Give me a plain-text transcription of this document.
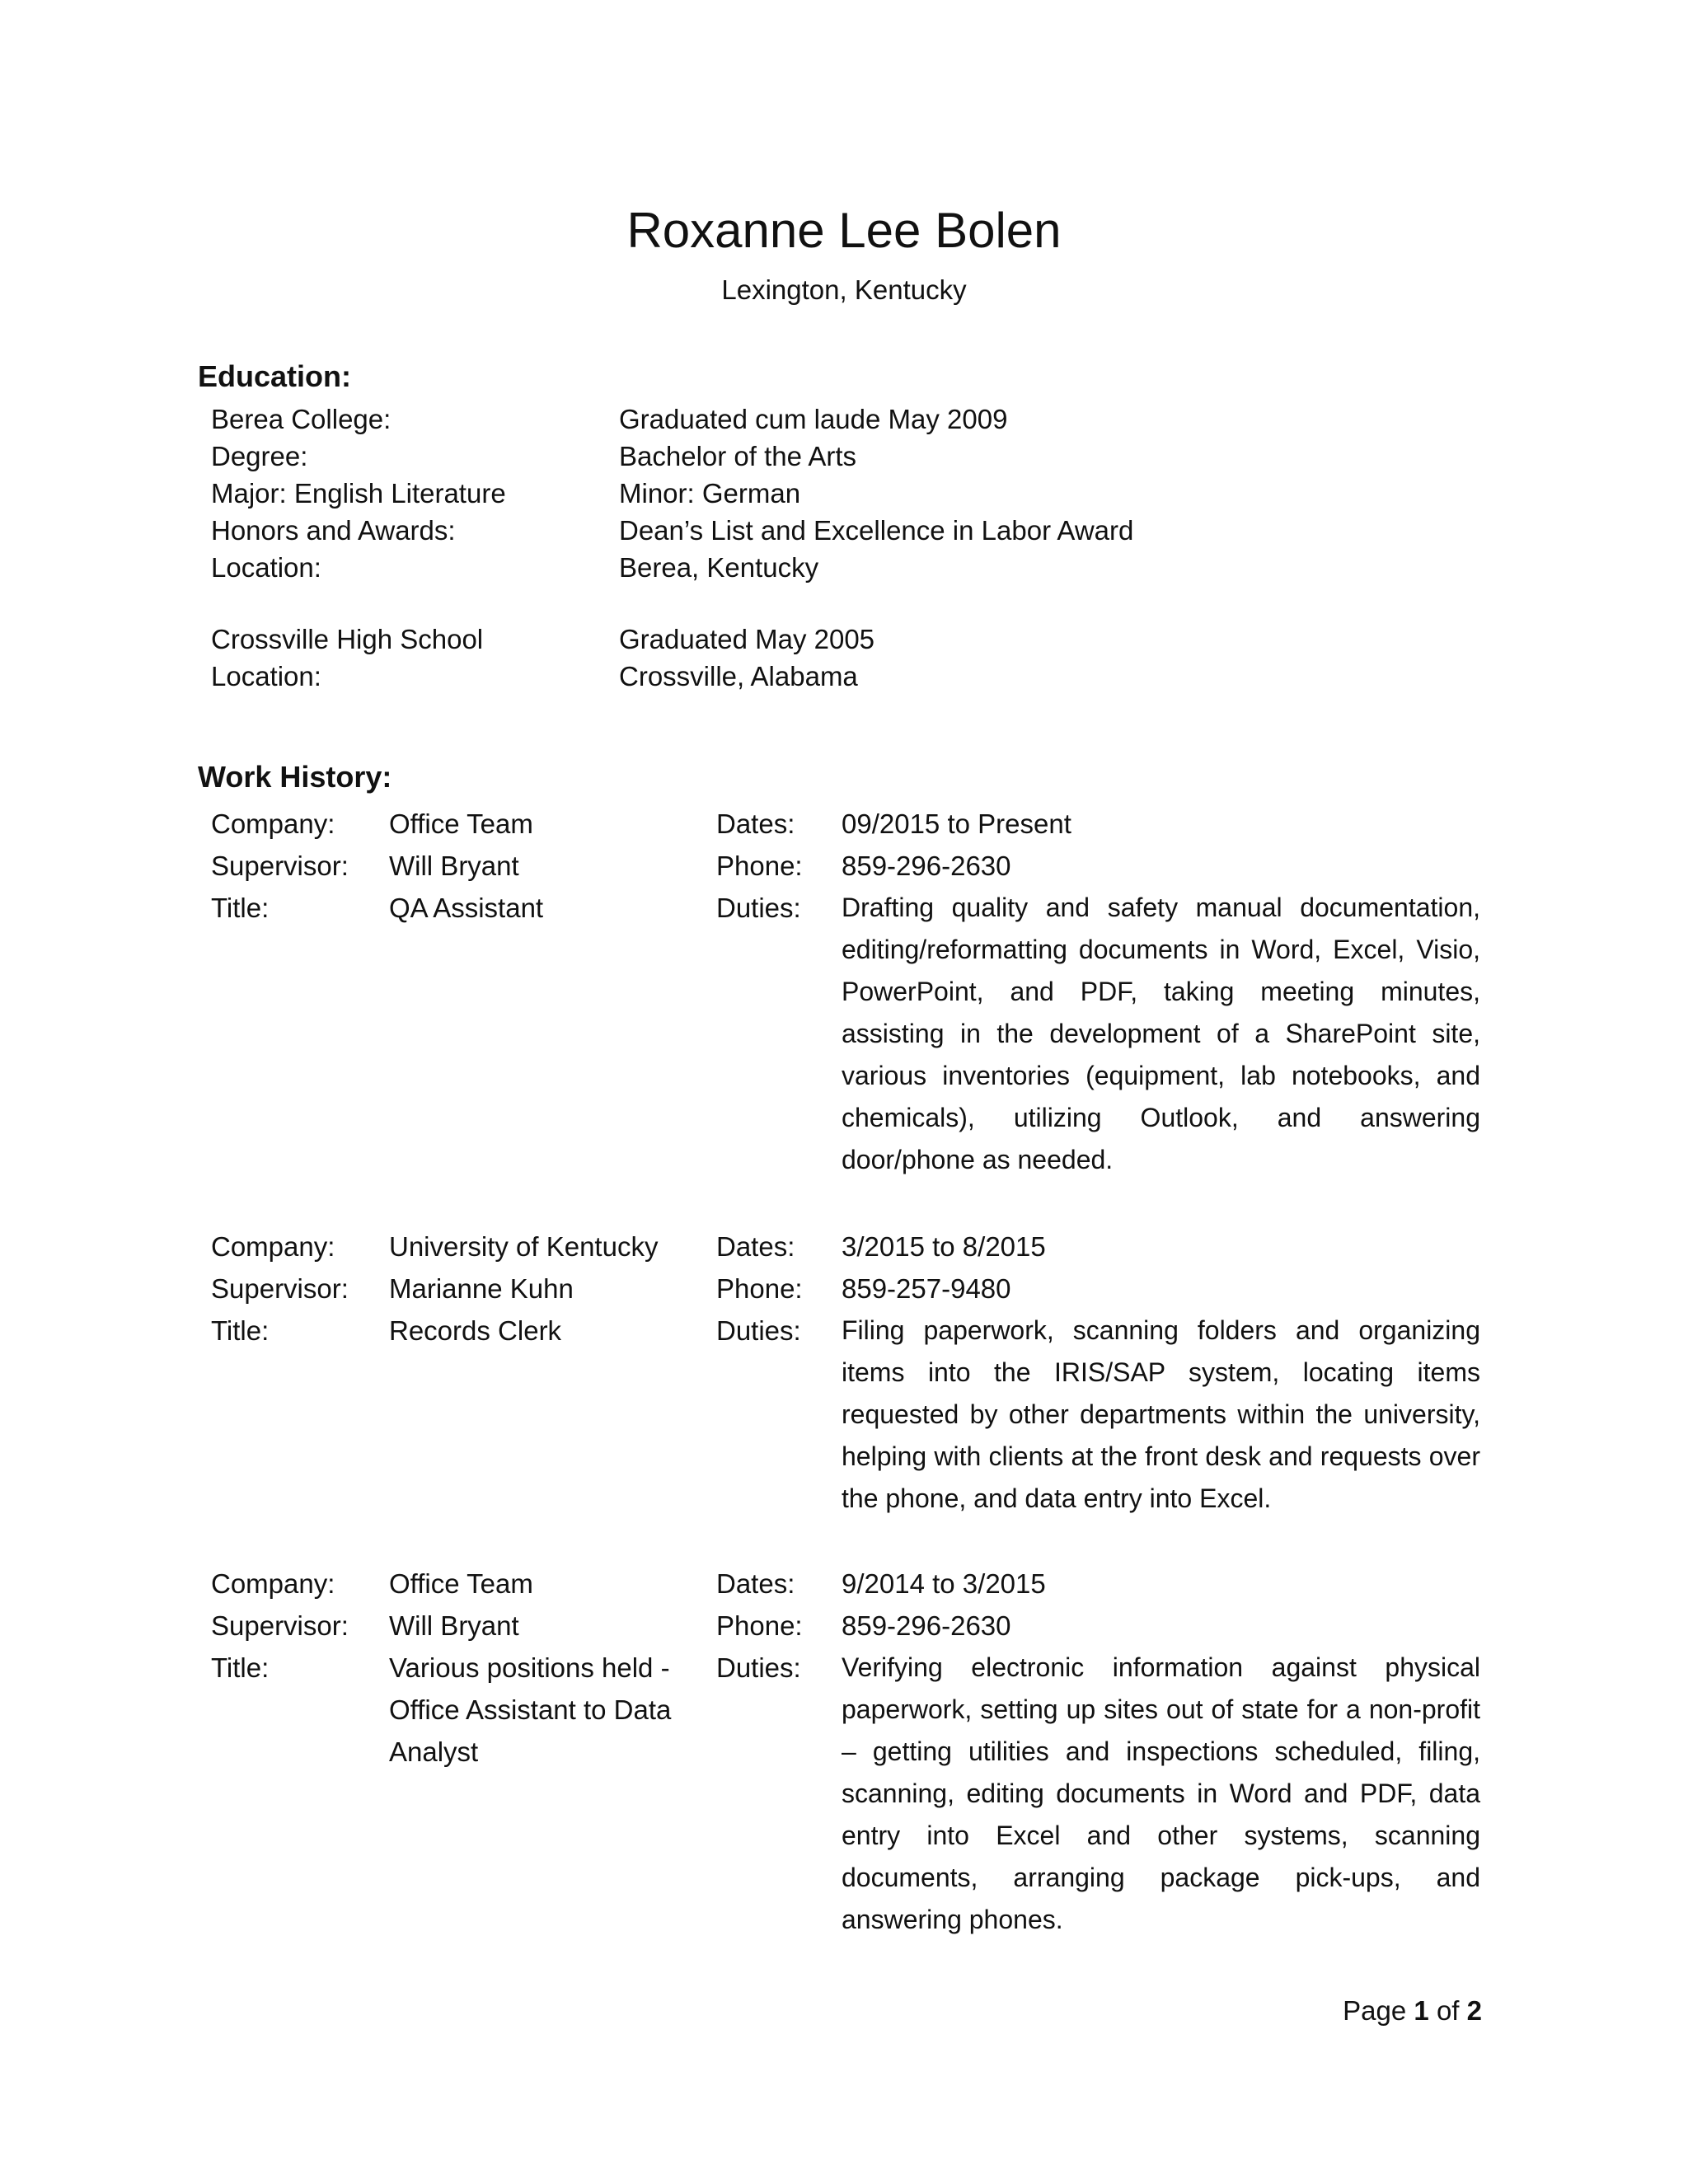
Roxanne Lee Bolen

Lexington, Kentucky

Education:
Berea College:	Graduated cum laude May 2009
Degree:	Bachelor of the Arts
Major: English Literature	Minor: German
Honors and Awards:	Dean’s List and Excellence in Labor Award
Location:	Berea, Kentucky
Crossville High School	Graduated May 2005
Location:	Crossville, Alabama
Work History:
Company: Office Team	Dates: 09/2015 to Present
Supervisor: Will Bryant	Phone: 859-296-2630
Title:	QA Assistant	Duties: Drafting quality and safety manual documentation, editing/reformatting documents in Word, Excel, Visio, PowerPoint, and PDF, taking meeting minutes, assisting in the development of a SharePoint site, various inventories (equipment, lab notebooks, and chemicals), utilizing Outlook, and answering door/phone as needed.
Company: University of Kentucky Dates: 3/2015 to 8/2015
Supervisor: Marianne Kuhn	Phone: 859-257-9480
Title:	Records Clerk	Duties: Filing paperwork, scanning folders and organizing items into the IRIS/SAP system, locating items requested by other departments within the university, helping with clients at the front desk and requests over the phone, and data entry into Excel.
Company: Office Team	Dates: 9/2014 to 3/2015
Supervisor: Will Bryant	Phone: 859-296-2630
Title:	Various positions held - Office Assistant to Data Analyst
Duties: Verifying electronic information against physical paperwork, setting up sites out of state for a non-profit – getting utilities and inspections scheduled, filing, scanning, editing documents in Word and PDF, data entry into Excel and other systems, scanning documents, arranging package pick-ups, and answering phones.
Page 1 of 2
